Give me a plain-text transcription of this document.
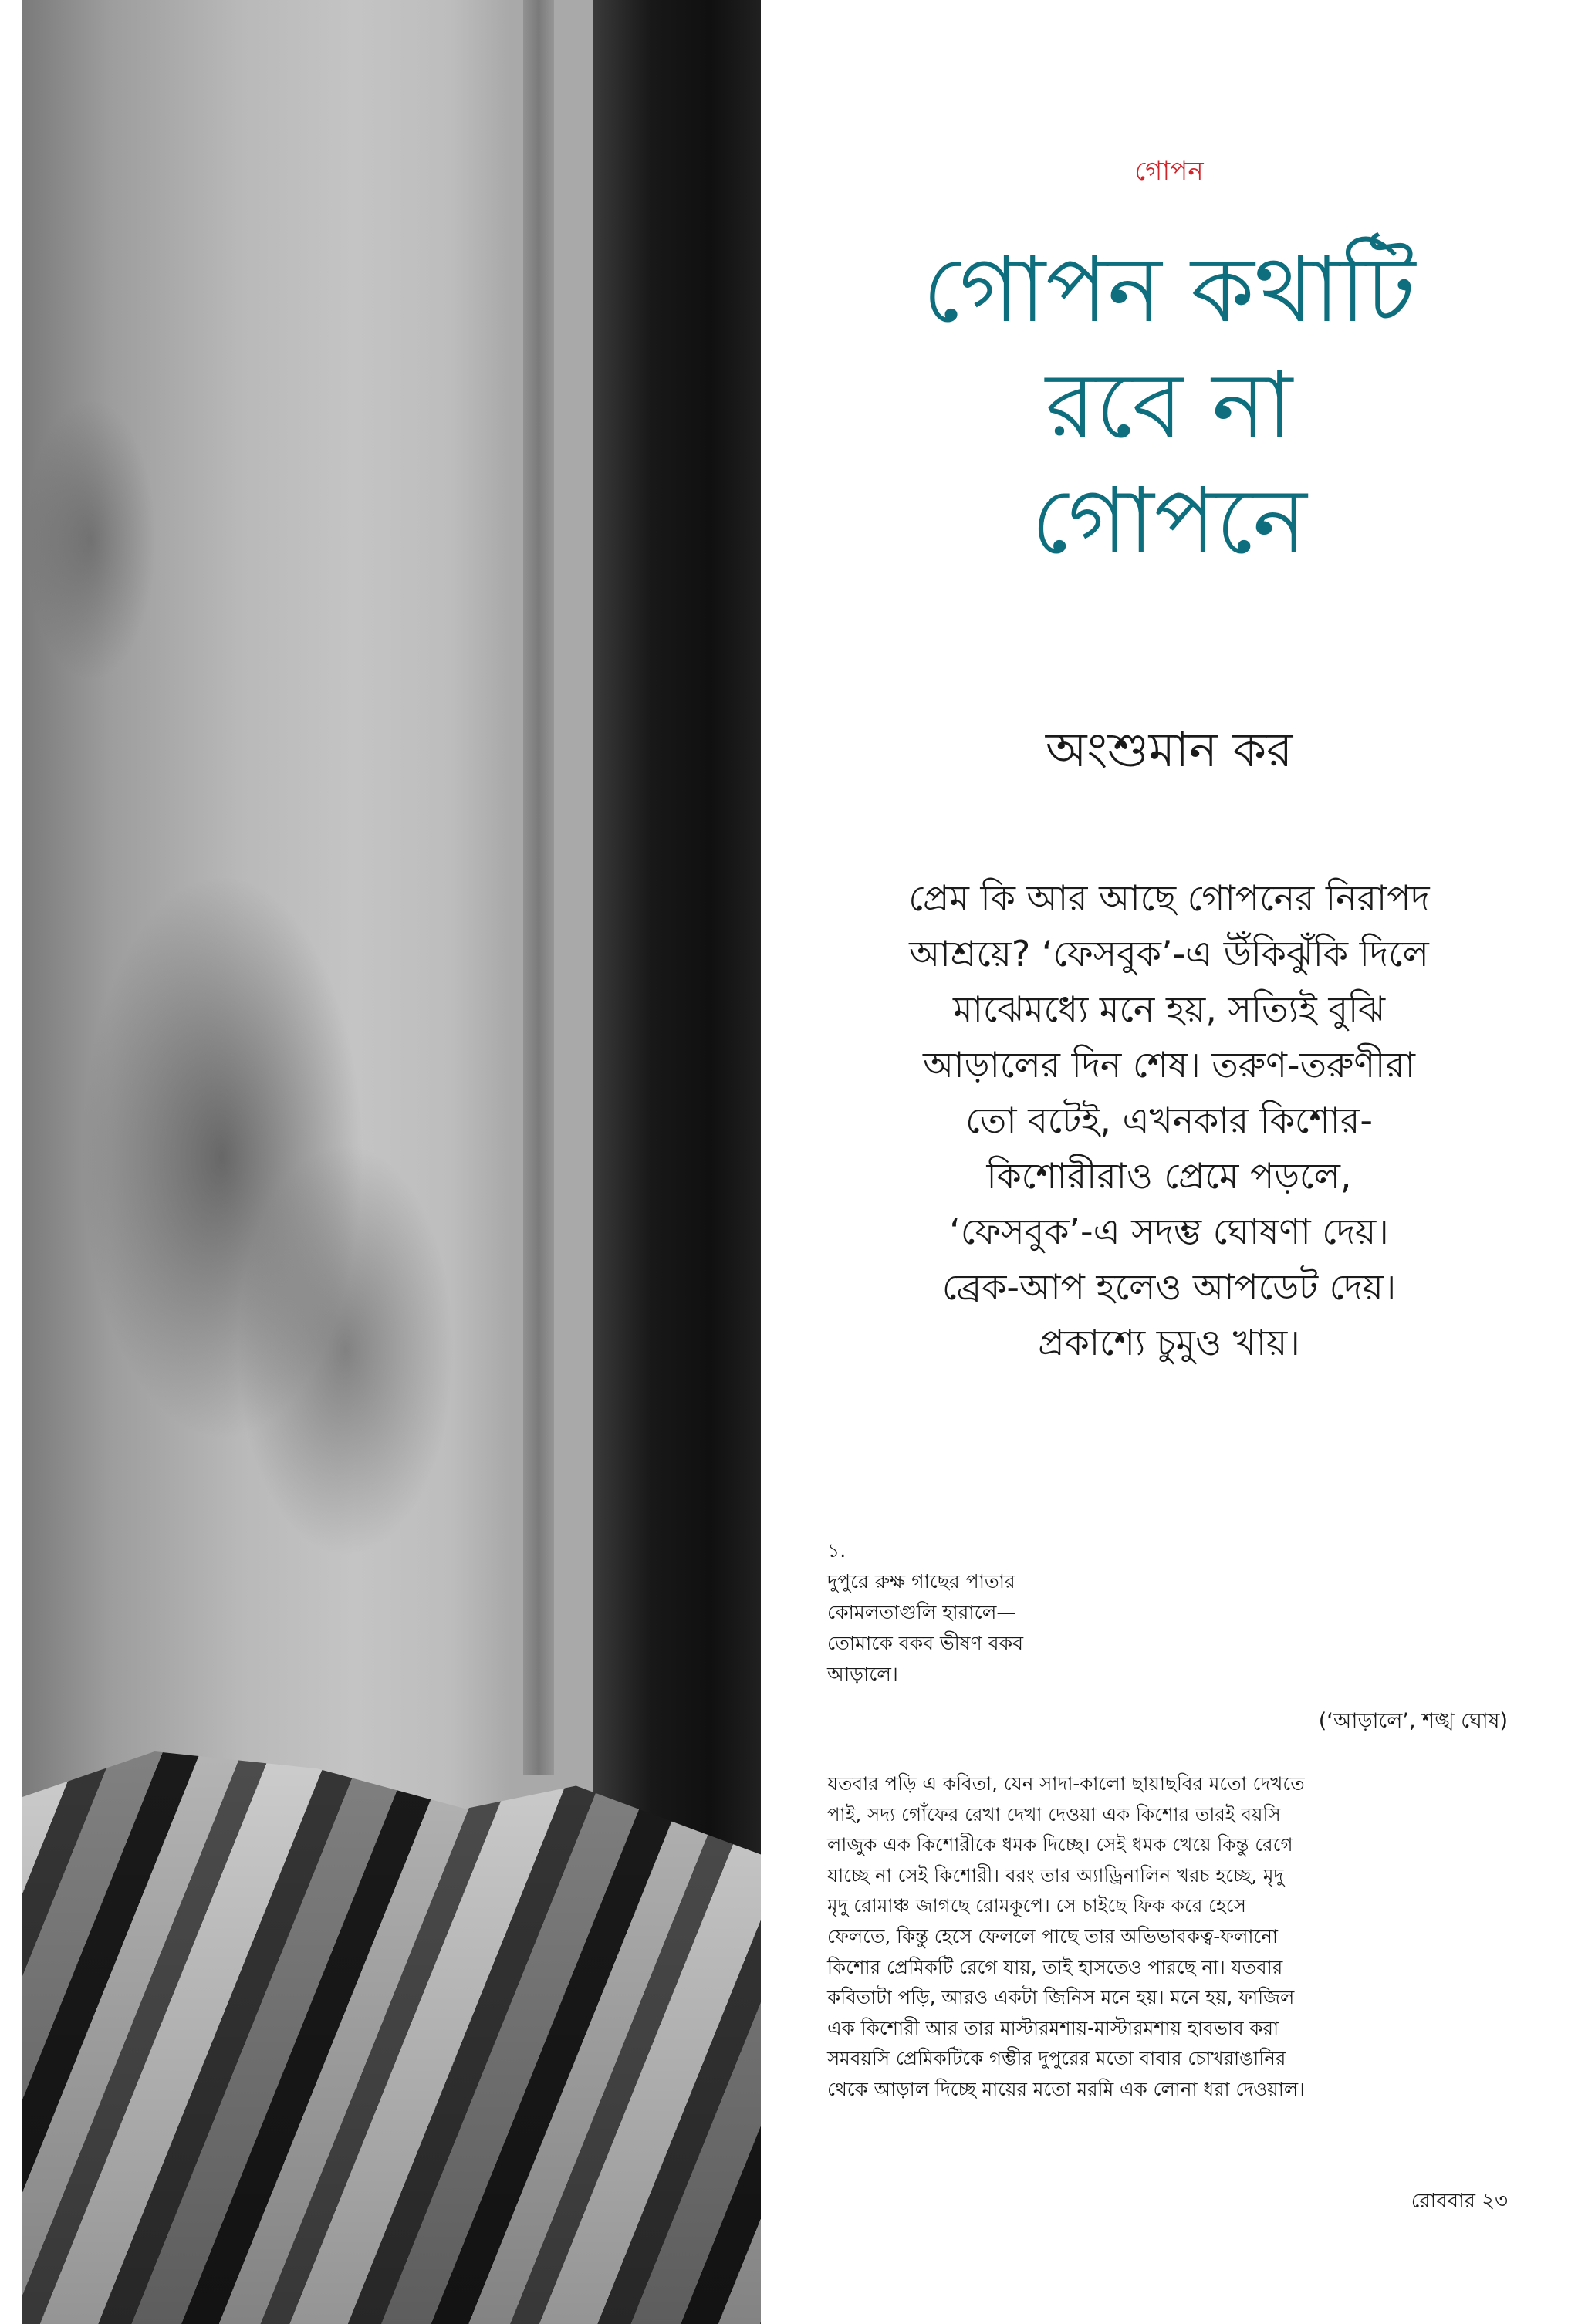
গোপন
গোপন কথাটি
রবে না
গোপনে
অংশুমান কর
প্রেম কি আর আছে গোপনের নিরাপদ
আশ্রয়ে? ‘ফেসবুক’-এ উঁকিঝুঁকি দিলে
মাঝেমধ্যে মনে হয়, সত্যিই বুঝি
আড়ালের দিন শেষ। তরুণ-তরুণীরা
তো বটেই, এখনকার কিশোর-
কিশোরীরাও প্রেমে পড়লে,
‘ফেসবুক’-এ সদম্ভ ঘোষণা দেয়।
ব্রেক-আপ হলেও আপডেট দেয়।
প্রকাশ্যে চুমুও খায়।
১.
দুপুরে রুক্ষ গাছের পাতার
কোমলতাগুলি হারালে—
তোমাকে বকব ভীষণ বকব
আড়ালে।
(‘আড়ালে’, শঙ্খ ঘোষ)
যতবার পড়ি এ কবিতা, যেন সাদা-কালো ছায়াছবির মতো দেখতে
পাই, সদ্য গোঁফের রেখা দেখা দেওয়া এক কিশোর তারই বয়সি
লাজুক এক কিশোরীকে ধমক দিচ্ছে। সেই ধমক খেয়ে কিন্তু রেগে
যাচ্ছে না সেই কিশোরী। বরং তার অ্যাড্রিনালিন খরচ হচ্ছে, মৃদু
মৃদু রোমাঞ্চ জাগছে রোমকূপে। সে চাইছে ফিক করে হেসে
ফেলতে, কিন্তু হেসে ফেললে পাছে তার অভিভাবকত্ব-ফলানো
কিশোর প্রেমিকটি রেগে যায়, তাই হাসতেও পারছে না। যতবার
কবিতাটা পড়ি, আরও একটা জিনিস মনে হয়। মনে হয়, ফাজিল
এক কিশোরী আর তার মাস্টারমশায়-মাস্টারমশায় হাবভাব করা
সমবয়সি প্রেমিকটিকে গম্ভীর দুপুরের মতো বাবার চোখরাঙানির
থেকে আড়াল দিচ্ছে মায়ের মতো মরমি এক লোনা ধরা দেওয়াল।
রোববার ২৩
